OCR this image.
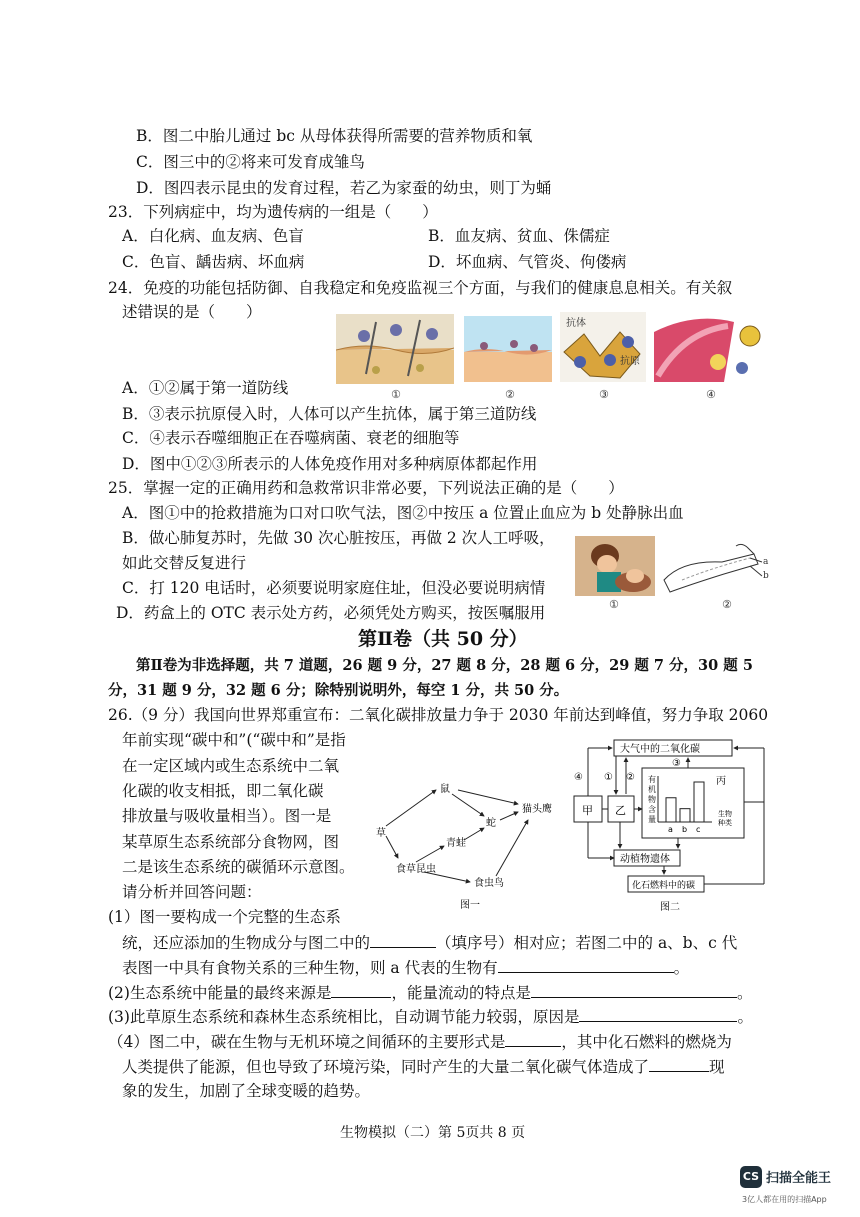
B．图二中胎儿通过 bc 从母体获得所需要的营养物质和氧
C．图三中的②将来可发育成雏鸟
D．图四表示昆虫的发育过程，若乙为家蚕的幼虫，则丁为蛹
23．下列病症中，均为遗传病的一组是（　　）
A．白化病、血友病、色盲	B．血友病、贫血、侏儒症
C．色盲、龋齿病、坏血病	D．坏血病、气管炎、佝偻病
24．免疫的功能包括防御、自我稳定和免疫监视三个方面，与我们的健康息息相关。有关叙
述错误的是（　　）
抗体
抗原
①	②	③	④
A．①②属于第一道防线
B．③表示抗原侵入时，人体可以产生抗体，属于第三道防线
C．④表示吞噬细胞正在吞噬病菌、衰老的细胞等
D．图中①②③所表示的人体免疫作用对多种病原体都起作用
25．掌握一定的正确用药和急救常识非常必要，下列说法正确的是（　　）
A．图①中的抢救措施为口对口吹气法，图②中按压 a 位置止血应为 b 处静脉出血
B．做心肺复苏时，先做 30 次心脏按压，再做 2 次人工呼吸，
如此交替反复进行
C．打 120 电话时，必须要说明家庭住址，但没必要说明病情
D．药盒上的 OTC 表示处方药，必须凭处方购买，按医嘱服用
a
b
①	②
第Ⅱ卷（共 50 分）
第Ⅱ卷为非选择题，共 7 道题，26 题 9 分，27 题 8 分，28 题 6 分，29 题 7 分，30 题 5
分，31 题 9 分，32 题 6 分；除特别说明外，每空 1 分，共 50 分。
26.（9 分）我国向世界郑重宣布：二氧化碳排放量力争于 2030 年前达到峰值，努力争取 2060
年前实现“碳中和”(“碳中和”是指
在一定区域内或生态系统中二氧
化碳的收支相抵，即二氧化碳
排放量与吸收量相当）。图一是
某草原生态系统部分食物网，图
二是该生态系统的碳循环示意图。
请分析并回答问题：
鼠
蛇
猫头鹰
草
青蛙
食草昆虫
食虫鸟
图一
大气中的二氧化碳
甲 乙
有
机
物
含
量
a b c
丙
生物
种类
动植物遗体
化石燃料中的碳
④ ① ②
③
图二
(1）图一要构成一个完整的生态系
统，还应添加的生物成分与图二中的	（填序号）相对应；若图二中的 a、b、c 代
表图一中具有食物关系的三种生物，则 a 代表的生物有	。
(2)生态系统中能量的最终来源是	，能量流动的特点是	。
(3)此草原生态系统和森林生态系统相比，自动调节能力较弱，原因是	。
（4）图二中，碳在生物与无机环境之间循环的主要形式是	，其中化石燃料的燃烧为
人类提供了能源，但也导致了环境污染，同时产生的大量二氧化碳气体造成了	现
象的发生，加剧了全球变暖的趋势。
生物模拟（二）第 5页共 8 页
CS 扫描全能王
3亿人都在用的扫描App
